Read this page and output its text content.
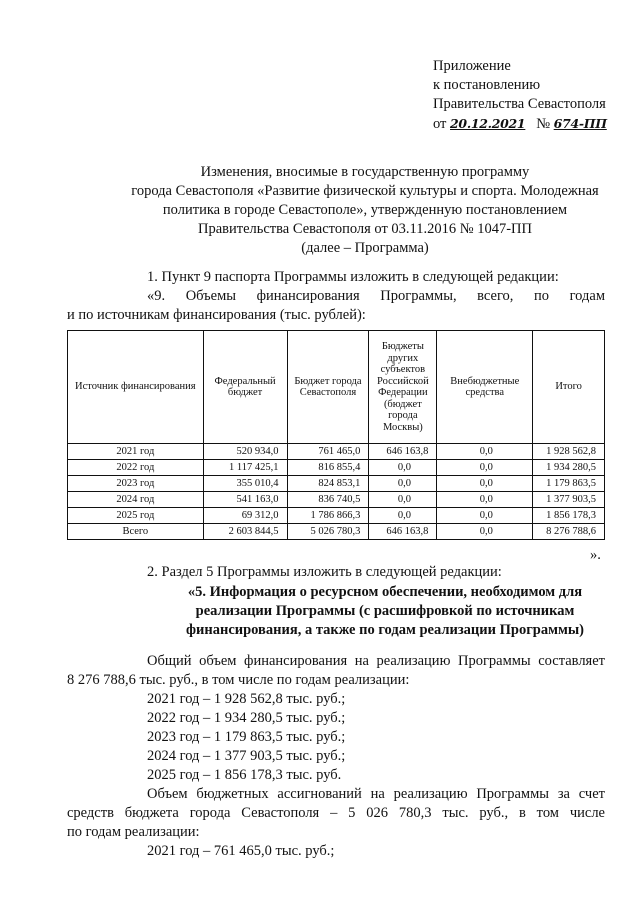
Приложение
к постановлению
Правительства Севастополя
от 20.12.2021 № 674-ПП
Изменения, вносимые в государственную программу
города Севастополя «Развитие физической культуры и спорта. Молодежная
политика в городе Севастополе», утвержденную постановлением
Правительства Севастополя от 03.11.2016 № 1047-ПП
(далее – Программа)
1. Пункт 9 паспорта Программы изложить в следующей редакции:
«9. Объемы финансирования Программы, всего, по годам
и по источникам финансирования (тыс. рублей):
Источник финансирования	Федеральный бюджет	Бюджет города Севастополя	Бюджеты других субъектов Российской Федерации (бюджет города Москвы)	Внебюджетные средства	Итого
2021 год	520 934,0	761 465,0	646 163,8	0,0	1 928 562,8
2022 год	1 117 425,1	816 855,4	0,0	0,0	1 934 280,5
2023 год	355 010,4	824 853,1	0,0	0,0	1 179 863,5
2024 год	541 163,0	836 740,5	0,0	0,0	1 377 903,5
2025 год	69 312,0	1 786 866,3	0,0	0,0	1 856 178,3
Всего	2 603 844,5	5 026 780,3	646 163,8	0,0	8 276 788,6
».
2. Раздел 5 Программы изложить в следующей редакции:
«5. Информация о ресурсном обеспечении, необходимом для
реализации Программы (с расшифровкой по источникам
финансирования, а также по годам реализации Программы)
Общий объем финансирования на реализацию Программы составляет
8 276 788,6 тыс. руб., в том числе по годам реализации:
2021 год – 1 928 562,8 тыс. руб.;
2022 год – 1 934 280,5 тыс. руб.;
2023 год – 1 179 863,5 тыс. руб.;
2024 год – 1 377 903,5 тыс. руб.;
2025 год – 1 856 178,3 тыс. руб.
Объем бюджетных ассигнований на реализацию Программы за счет
средств бюджета города Севастополя – 5 026 780,3 тыс. руб., в том числе
по годам реализации:
2021 год – 761 465,0 тыс. руб.;
